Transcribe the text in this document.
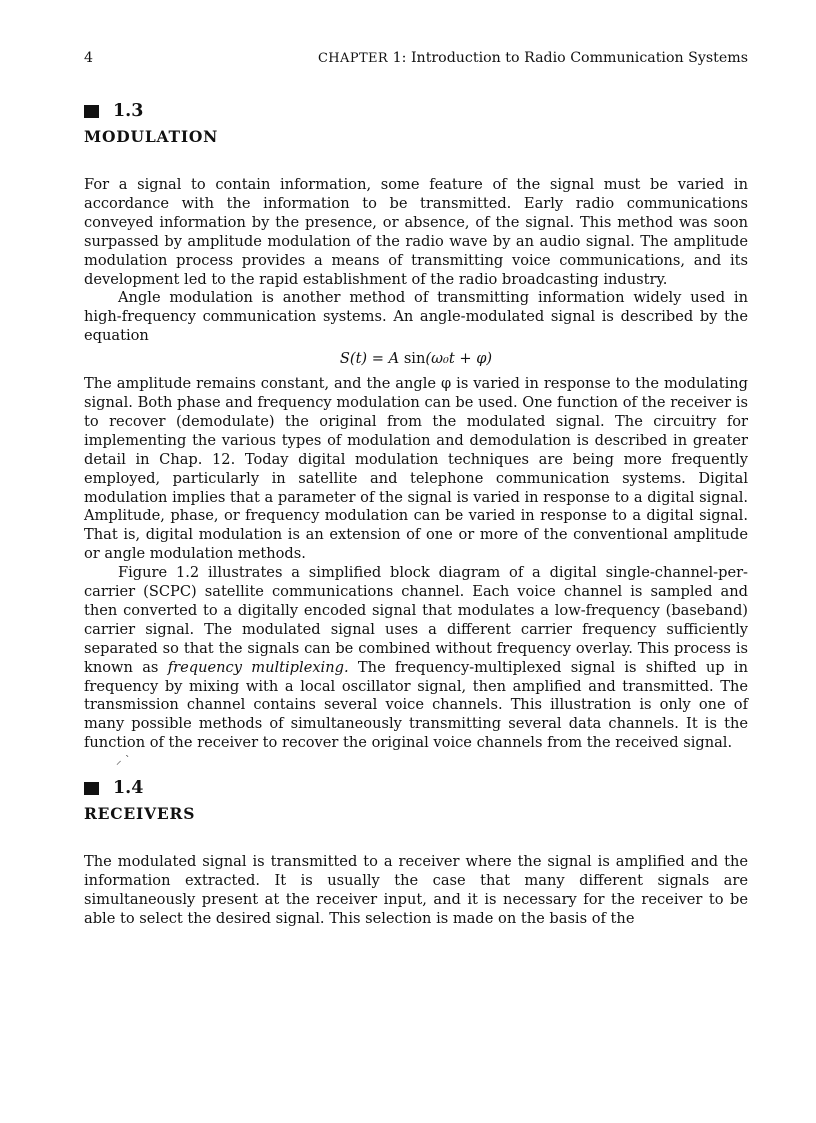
4	CHAPTER 1: Introduction to Radio Communication Systems
1.3
MODULATION

For a signal to contain information, some feature of the signal must be varied in accordance with the information to be transmitted. Early radio communications conveyed information by the presence, or absence, of the signal. This method was soon surpassed by amplitude modulation of the radio wave by an audio signal. The amplitude modulation process provides a means of transmitting voice communications, and its development led to the rapid establishment of the radio broadcasting industry.

Angle modulation is another method of transmitting information widely used in high-frequency communication systems. An angle-modulated signal is described by the equation

S(t) = A sin(ω₀t + φ)

The amplitude remains constant, and the angle φ is varied in response to the modulating signal. Both phase and frequency modulation can be used. One function of the receiver is to recover (demodulate) the original from the modulated signal. The circuitry for implementing the various types of modulation and demodulation is described in greater detail in Chap. 12. Today digital modulation techniques are being more frequently employed, particularly in satellite and telephone communication systems. Digital modulation implies that a parameter of the signal is varied in response to a digital signal. Amplitude, phase, or frequency modulation can be varied in response to a digital signal. That is, digital modulation is an extension of one or more of the conventional amplitude or angle modulation methods.

Figure 1.2 illustrates a simplified block diagram of a digital single-channel-per-carrier (SCPC) satellite communications channel. Each voice channel is sampled and then converted to a digitally encoded signal that modulates a low-frequency (baseband) carrier signal. The modulated signal uses a different carrier frequency sufficiently separated so that the signals can be combined without frequency overlay. This process is known as frequency multiplexing. The frequency-multiplexed signal is shifted up in frequency by mixing with a local oscillator signal, then amplified and transmitted. The transmission channel contains several voice channels. This illustration is only one of many possible methods of simultaneously transmitting several data channels. It is the function of the receiver to recover the original voice channels from the received signal.

⸝ ˋ
1.4
RECEIVERS

The modulated signal is transmitted to a receiver where the signal is amplified and the information extracted. It is usually the case that many different signals are simultaneously present at the receiver input, and it is necessary for the receiver to be able to select the desired signal. This selection is made on the basis of the
